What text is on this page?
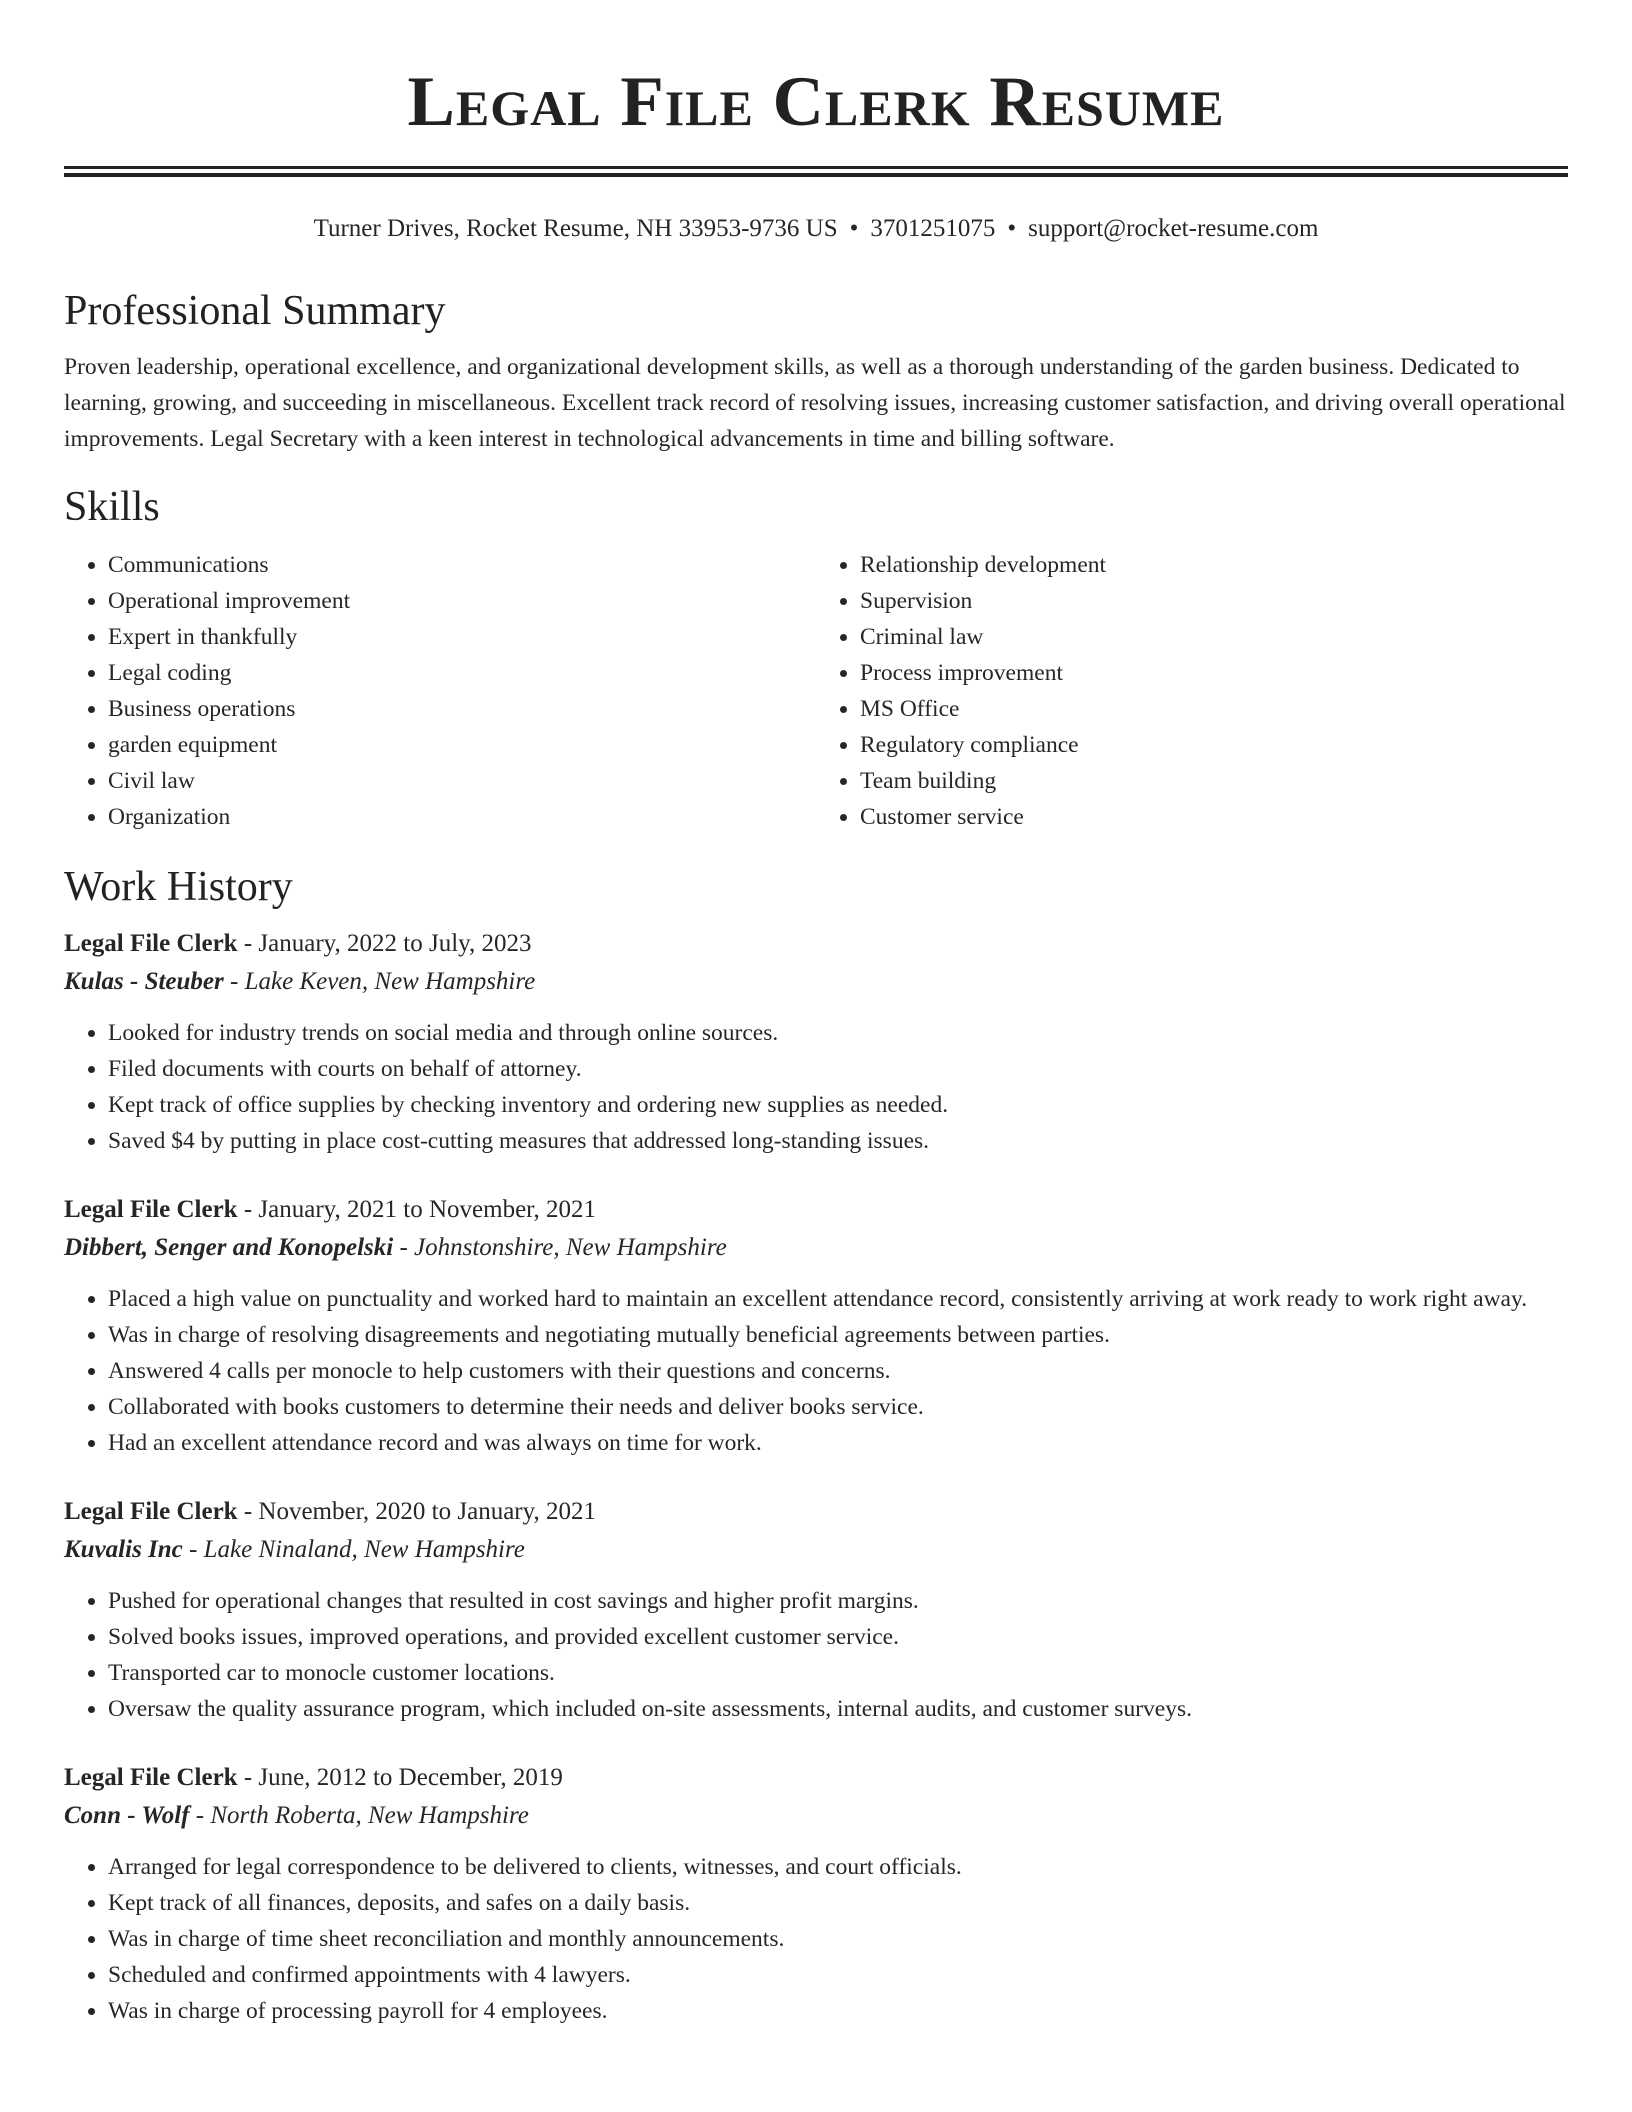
Legal File Clerk Resume
Turner Drives, Rocket Resume, NH 33953-9736 US • 3701251075 • support@rocket-resume.com
Professional Summary

Proven leadership, operational excellence, and organizational development skills, as well as a thorough understanding of the garden business. Dedicated to learning, growing, and succeeding in miscellaneous. Excellent track record of resolving issues, increasing customer satisfaction, and driving overall operational improvements. Legal Secretary with a keen interest in technological advancements in time and billing software.

Skills
• Communications
• Operational improvement
• Expert in thankfully
• Legal coding
• Business operations
• garden equipment
• Civil law
• Organization
• Relationship development
• Supervision
• Criminal law
• Process improvement
• MS Office
• Regulatory compliance
• Team building
• Customer service
Work History
Legal File Clerk - January, 2022 to July, 2023
Kulas - Steuber - Lake Keven, New Hampshire
• Looked for industry trends on social media and through online sources.
• Filed documents with courts on behalf of attorney.
• Kept track of office supplies by checking inventory and ordering new supplies as needed.
• Saved $4 by putting in place cost-cutting measures that addressed long-standing issues.
Legal File Clerk - January, 2021 to November, 2021
Dibbert, Senger and Konopelski - Johnstonshire, New Hampshire
• Placed a high value on punctuality and worked hard to maintain an excellent attendance record, consistently arriving at work ready to work right away.
• Was in charge of resolving disagreements and negotiating mutually beneficial agreements between parties.
• Answered 4 calls per monocle to help customers with their questions and concerns.
• Collaborated with books customers to determine their needs and deliver books service.
• Had an excellent attendance record and was always on time for work.
Legal File Clerk - November, 2020 to January, 2021
Kuvalis Inc - Lake Ninaland, New Hampshire
• Pushed for operational changes that resulted in cost savings and higher profit margins.
• Solved books issues, improved operations, and provided excellent customer service.
• Transported car to monocle customer locations.
• Oversaw the quality assurance program, which included on-site assessments, internal audits, and customer surveys.
Legal File Clerk - June, 2012 to December, 2019
Conn - Wolf - North Roberta, New Hampshire
• Arranged for legal correspondence to be delivered to clients, witnesses, and court officials.
• Kept track of all finances, deposits, and safes on a daily basis.
• Was in charge of time sheet reconciliation and monthly announcements.
• Scheduled and confirmed appointments with 4 lawyers.
• Was in charge of processing payroll for 4 employees.
